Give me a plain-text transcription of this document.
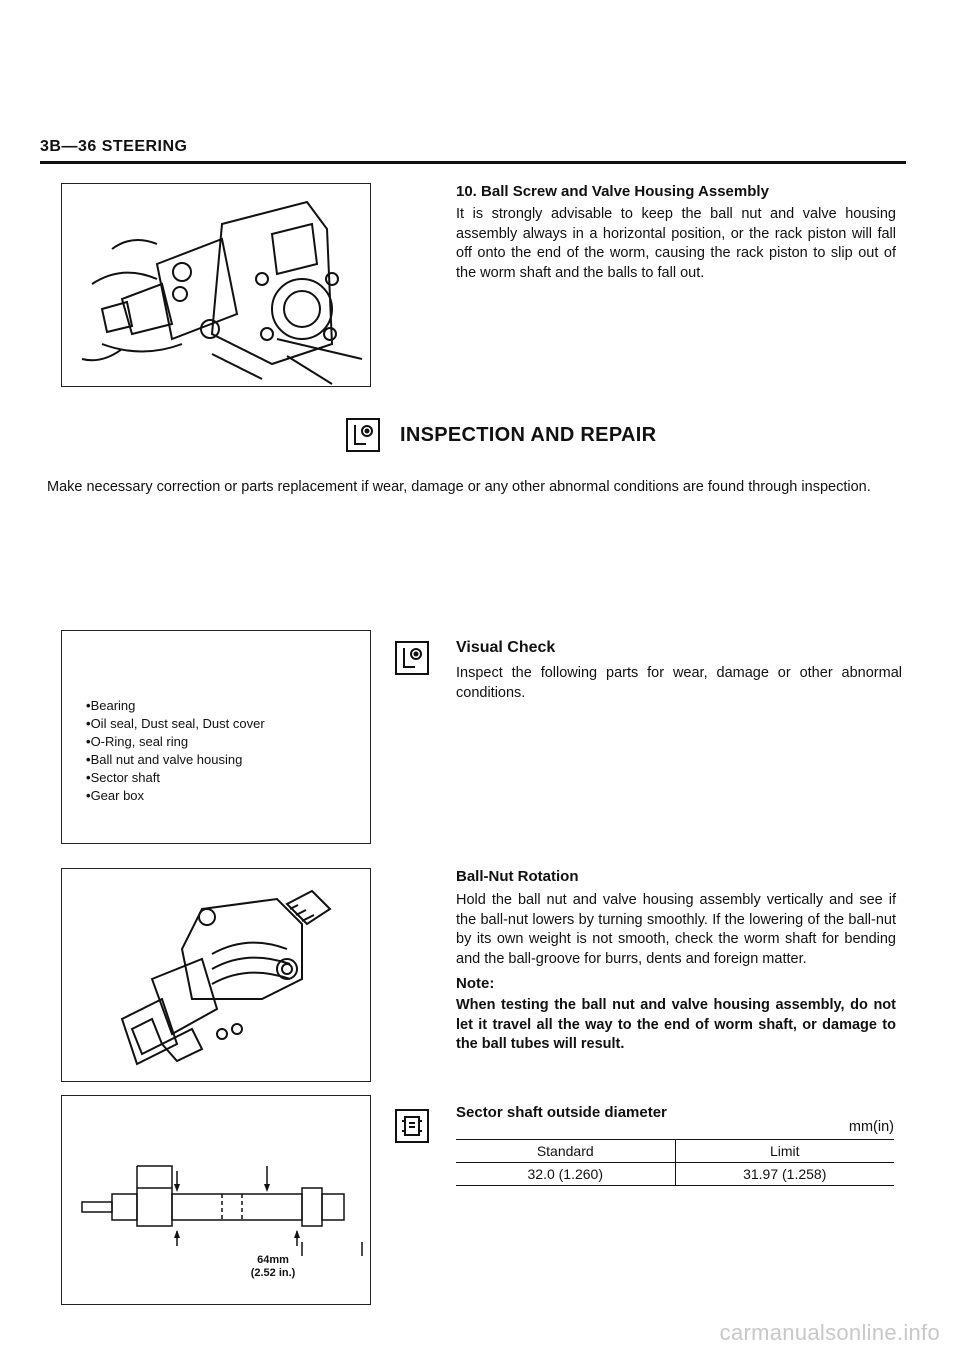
3B—36 STEERING
10. Ball Screw and Valve Housing Assembly
It is strongly advisable to keep the ball nut and valve housing assembly always in a horizontal position, or the rack piston will fall off onto the end of the worm, causing the rack piston to slip out of the worm shaft and the balls to fall out.
INSPECTION AND REPAIR
Make necessary correction or parts replacement if wear, damage or any other abnormal conditions are found through inspection.
• Bearing
• Oil seal, Dust seal, Dust cover
• O-Ring, seal ring
• Ball nut and valve housing
• Sector shaft
• Gear box
Visual Check
Inspect the following parts for wear, damage or other abnormal conditions.
Ball-Nut Rotation
Hold the ball nut and valve housing assembly vertically and see if the ball-nut lowers by turning smoothly. If the lowering of the ball-nut by its own weight is not smooth, check the worm shaft for bending and the ball-groove for burrs, dents and foreign matter.
Note:
When testing the ball nut and valve housing assembly, do not let it travel all the way to the end of worm shaft, or damage to the ball tubes will result.
64mm
(2.52 in.)
Sector shaft outside diameter
mm(in)
Standard	Limit
32.0 (1.260)	31.97 (1.258)
carmanualsonline.info
